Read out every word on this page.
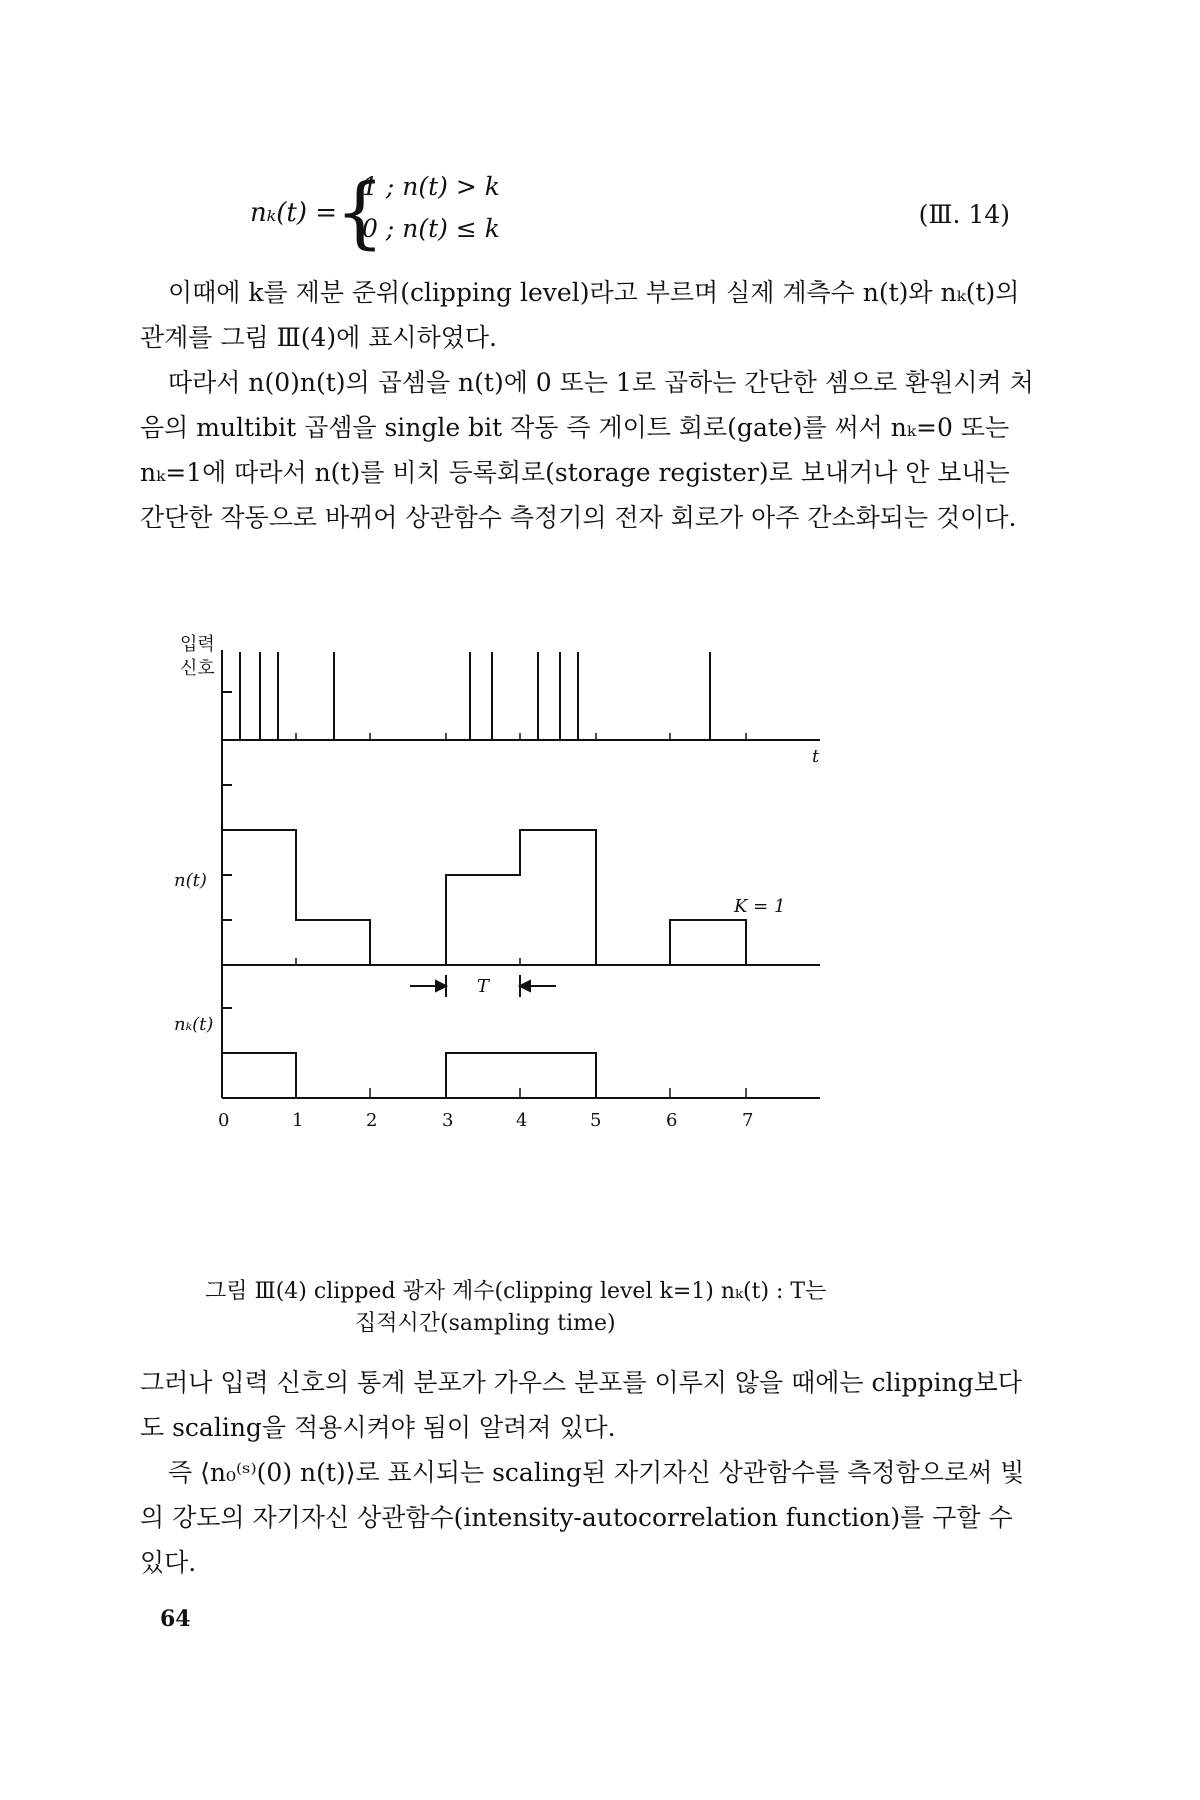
nₖ(t) =
{
1 ; n(t) > k
0 ; n(t) ≤ k	(Ⅲ. 14)

이때에 k를 제분 준위(clipping level)라고 부르며 실제 계측수 n(t)와 nₖ(t)의 관계를 그림 Ⅲ(4)에 표시하였다.

따라서 n(0)n(t)의 곱셈을 n(t)에 0 또는 1로 곱하는 간단한 셈으로 환원시켜 처음의 multibit 곱셈을 single bit 작동 즉 게이트 회로(gate)를 써서 nₖ=0 또는 nₖ=1에 따라서 n(t)를 비치 등록회로(storage register)로 보내거나 안 보내는 간단한 작동으로 바뀌어 상관함수 측정기의 전자 회로가 아주 간소화되는 것이다.

입력
신호
t
n(t)
nₖ(t)
K = 1
T
0	1	2	3	4	5	6	7
그림 Ⅲ(4) clipped 광자 계수(clipping level k=1) nₖ(t) : T는
집적시간(sampling time)

그러나 입력 신호의 통계 분포가 가우스 분포를 이루지 않을 때에는 clipping보다도 scaling을 적용시켜야 됨이 알려져 있다.

즉 ⟨n₀⁽ˢ⁾(0) n(t)⟩로 표시되는 scaling된 자기자신 상관함수를 측정함으로써 빛의 강도의 자기자신 상관함수(intensity-autocorrelation function)를 구할 수 있다.

64
